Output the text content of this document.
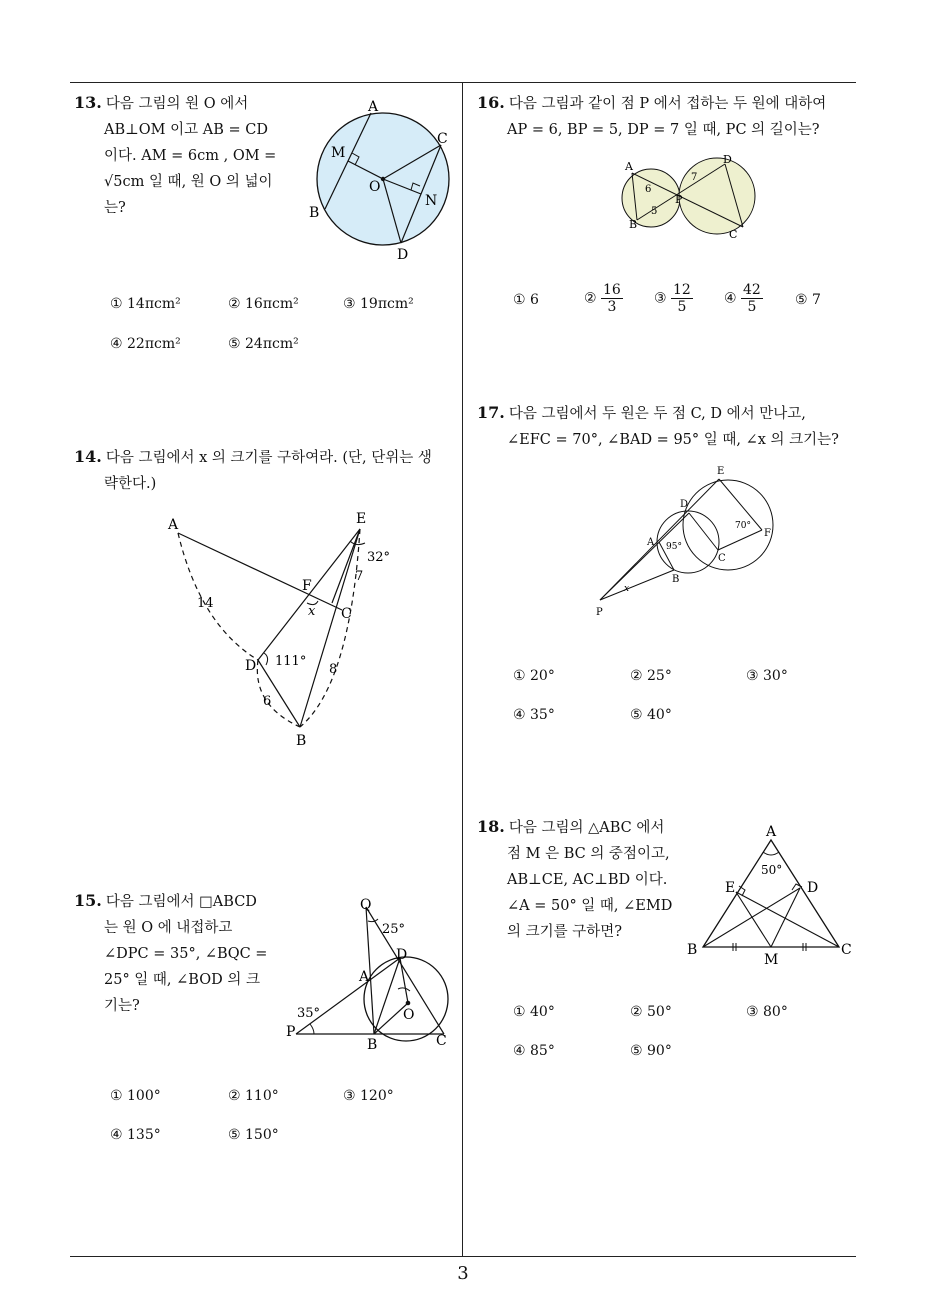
13. 다음 그림의 원 O 에서
AB⊥OM 이고 AB = CD
이다. AM = 6cm , OM =
√5cm 일 때, 원 O 의 넓이
는?
A
C
M
O
N
B
D
① 14πcm²	② 16πcm²	③ 19πcm²
④ 22πcm²	⑤ 24πcm²
14. 다음 그림에서 x 의 크기를 구하여라. (단, 단위는 생
략한다.)
A	E
32°
7
F
x C
14
D 111°
8
6
B
15. 다음 그림에서 □ABCD
는 원 O 에 내접하고
∠DPC = 35°, ∠BQC =
25° 일 때, ∠BOD 의 크
기는?
Q
25°
D
A
35°	O
P
B	C
① 100°	② 110°	③ 120°
④ 135°	⑤ 150°
16. 다음 그림과 같이 점 P 에서 접하는 두 원에 대하여
AP = 6, BP = 5, DP = 7 일 때, PC 의 길이는?
A
D
6
7
P
5
B
C
① 6	② $\frac{16}{3}$ ③ $\frac{12}{5}$ ④ $\frac{42}{5}$ ⑤ 7
17. 다음 그림에서 두 원은 두 점 C, D 에서 만나고,
∠EFC = 70°, ∠BAD = 95° 일 때, ∠x 의 크기는?
E
D
70°
F
A 95°
C
B
x
P
① 20°	② 25°	③ 30°
④ 35°	⑤ 40°
18. 다음 그림의 △ABC 에서
점 M 은 BC 의 중점이고,
AB⊥CE, AC⊥BD 이다.
∠A = 50° 일 때, ∠EMD
의 크기를 구하면?
A
50°
E	D
B
M
C
① 40°	② 50°	③ 80°
④ 85°	⑤ 90°
3
